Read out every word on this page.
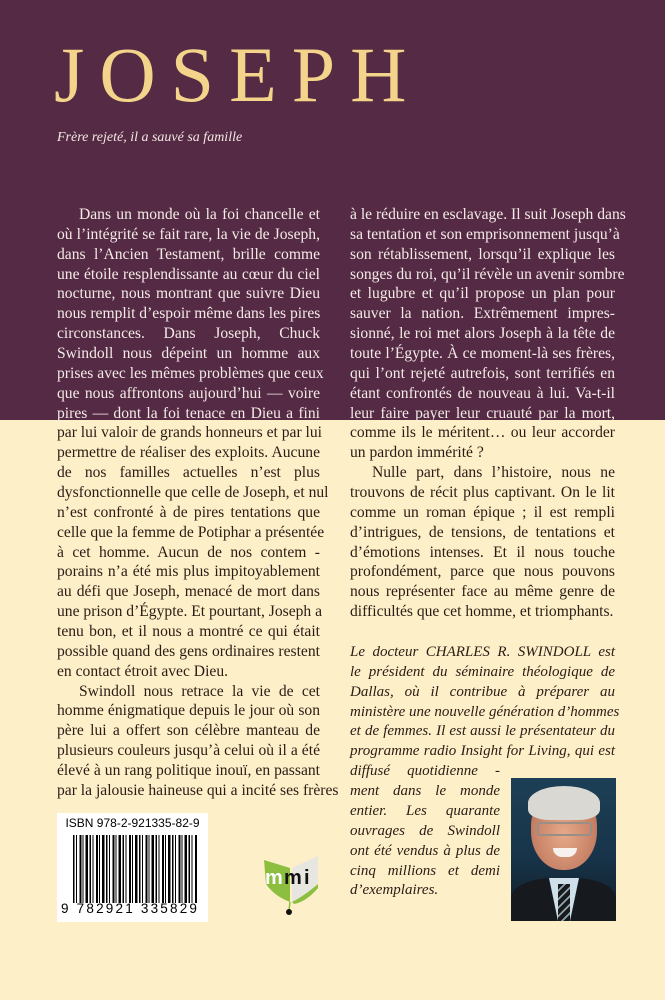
JOSEPH
Frère rejeté, il a sauvé sa famille
Dans un monde où la foi chancelle et
où l’intégrité se fait rare, la vie de Joseph,
dans l’Ancien Testament, brille comme
une étoile resplendissante au cœur du ciel
nocturne, nous montrant que suivre Dieu
nous remplit d’espoir même dans les pires
circonstances. Dans Joseph, Chuck
Swindoll nous dépeint un homme aux
prises avec les mêmes problèmes que ceux
que nous affrontons aujourd’hui — voire
pires — dont la foi tenace en Dieu a fini
par lui valoir de grands honneurs et par lui
permettre de réaliser des exploits. Aucune
de nos familles actuelles n’est plus
dysfonctionnelle que celle de Joseph, et nul
n’est confronté à de pires tentations que
celle que la femme de Potiphar a présentée
à cet homme. Aucun de nos contem -
porains n’a été mis plus impitoyablement
au défi que Joseph, menacé de mort dans
une prison d’Égypte. Et pourtant, Joseph a
tenu bon, et il nous a montré ce qui était
possible quand des gens ordinaires restent
en contact étroit avec Dieu.
Swindoll nous retrace la vie de cet
homme énigmatique depuis le jour où son
père lui a offert son célèbre manteau de
plusieurs couleurs jusqu’à celui où il a été
élevé à un rang politique inouï, en passant
par la jalousie haineuse qui a incité ses frères
à le réduire en esclavage. Il suit Joseph dans
sa tentation et son emprisonnement jusqu’à
son rétablissement, lorsqu’il explique les
songes du roi, qu’il révèle un avenir sombre
et lugubre et qu’il propose un plan pour
sauver la nation. Extrêmement impres-
sionné, le roi met alors Joseph à la tête de
toute l’Égypte. À ce moment-là ses frères,
qui l’ont rejeté autrefois, sont terrifiés en
étant confrontés de nouveau à lui. Va-t-il
leur faire payer leur cruauté par la mort,
comme ils le méritent… ou leur accorder
un pardon immérité ?
Nulle part, dans l’histoire, nous ne
trouvons de récit plus captivant. On le lit
comme un roman épique ; il est rempli
d’intrigues, de tensions, de tentations et
d’émotions intenses. Et il nous touche
profondément, parce que nous pouvons
nous représenter face au même genre de
difficultés que cet homme, et triomphants.
Le docteur CHARLES R. SWINDOLL est
le président du séminaire théologique de
Dallas, où il contribue à préparer au
ministère une nouvelle génération d’hommes
et de femmes. Il est aussi le présentateur du
programme radio Insight for Living, qui est
diffusé quotidienne -
ment dans le monde
entier. Les quarante
ouvrages de Swindoll
ont été vendus à plus de
cinq millions et demi
d’exemplaires.
ISBN 978-2-921335-82-9
9 782921 335829
m m i
